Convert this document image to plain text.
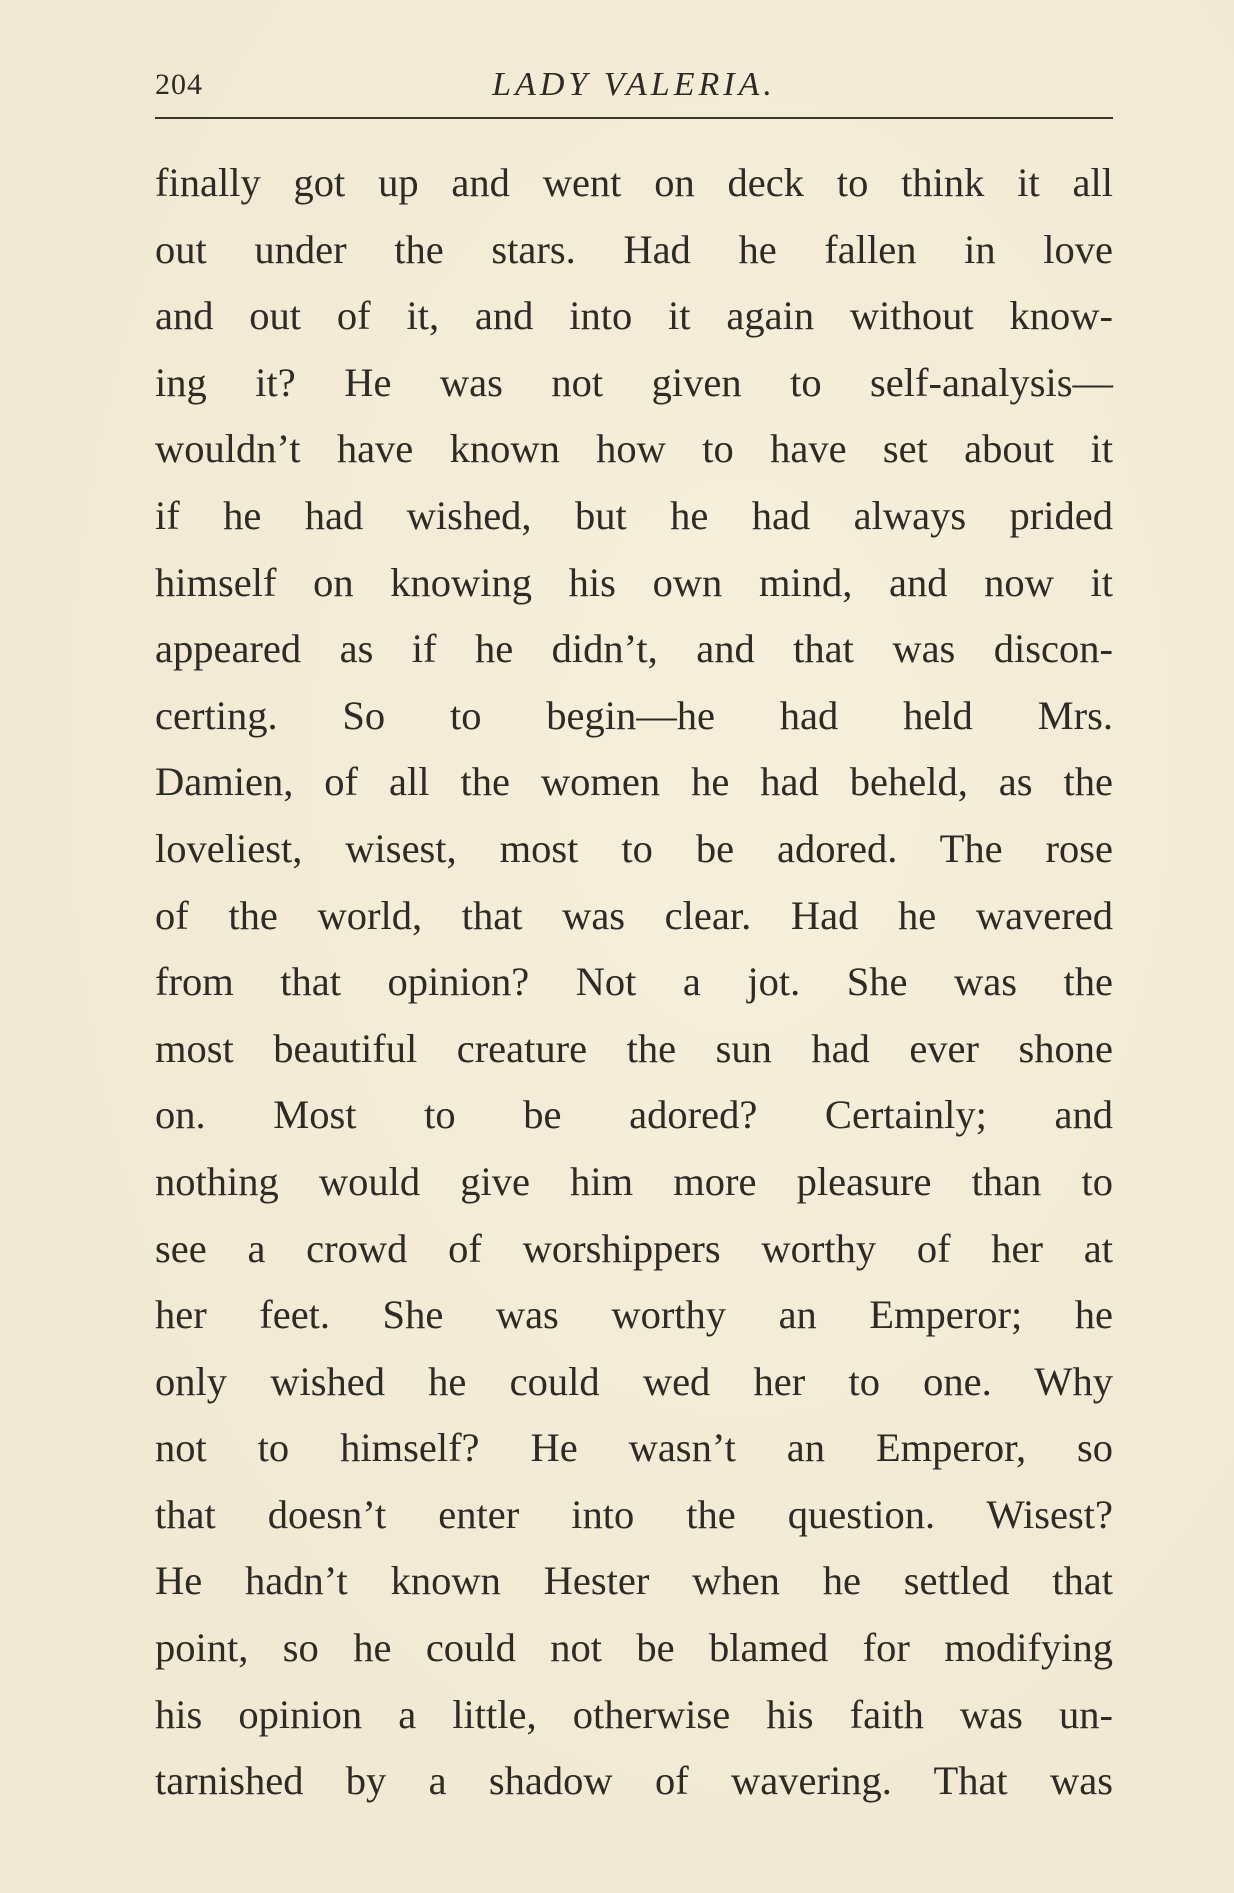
204	LADY VALERIA.
finally got up and went on deck to think it all
out under the stars. Had he fallen in love
and out of it, and into it again without know-
ing it? He was not given to self-analysis—
wouldn’t have known how to have set about it
if he had wished, but he had always prided
himself on knowing his own mind, and now it
appeared as if he didn’t, and that was discon-
certing. So to begin—he had held Mrs.
Damien, of all the women he had beheld, as the
loveliest, wisest, most to be adored. The rose
of the world, that was clear. Had he wavered
from that opinion? Not a jot. She was the
most beautiful creature the sun had ever shone
on. Most to be adored? Certainly; and
nothing would give him more pleasure than to
see a crowd of worshippers worthy of her at
her feet. She was worthy an Emperor; he
only wished he could wed her to one. Why
not to himself? He wasn’t an Emperor, so
that doesn’t enter into the question. Wisest?
He hadn’t known Hester when he settled that
point, so he could not be blamed for modifying
his opinion a little, otherwise his faith was un-
tarnished by a shadow of wavering. That was
